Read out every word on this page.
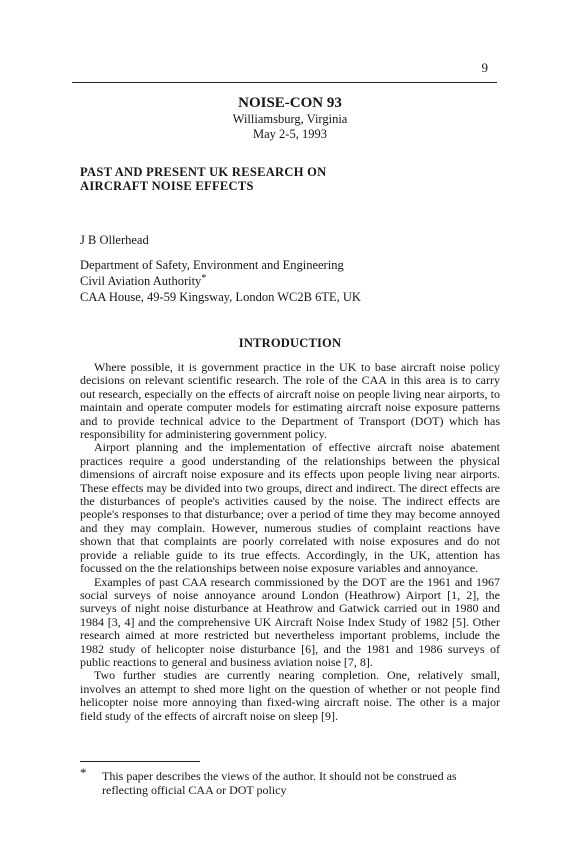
9

NOISE-CON 93

Williamsburg, Virginia

May 2-5, 1993

PAST AND PRESENT UK RESEARCH ON
AIRCRAFT NOISE EFFECTS

J B Ollerhead

Department of Safety, Environment and Engineering
Civil Aviation Authority*
CAA House, 49-59 Kingsway, London WC2B 6TE, UK
INTRODUCTION

Where possible, it is government practice in the UK to base aircraft noise policy decisions on relevant scientific research. The role of the CAA in this area is to carry out research, especially on the effects of aircraft noise on people living near airports, to maintain and operate computer models for estimating aircraft noise exposure patterns and to provide technical advice to the Department of Transport (DOT) which has responsibility for administering government policy.

Airport planning and the implementation of effective aircraft noise abatement practices require a good understanding of the relationships between the physical dimensions of aircraft noise exposure and its effects upon people living near airports. These effects may be divided into two groups, direct and indirect. The direct effects are the disturbances of people's activities caused by the noise. The indirect effects are people's responses to that disturbance; over a period of time they may become annoyed and they may complain. However, numerous studies of complaint reactions have shown that that complaints are poorly correlated with noise exposures and do not provide a reliable guide to its true effects. Accordingly, in the UK, attention has focussed on the the relationships between noise exposure variables and annoyance.

Examples of past CAA research commissioned by the DOT are the 1961 and 1967 social surveys of noise annoyance around London (Heathrow) Airport [1, 2], the surveys of night noise disturbance at Heathrow and Gatwick carried out in 1980 and 1984 [3, 4] and the comprehensive UK Aircraft Noise Index Study of 1982 [5]. Other research aimed at more restricted but nevertheless important problems, include the 1982 study of helicopter noise disturbance [6], and the 1981 and 1986 surveys of public reactions to general and business aviation noise [7, 8].

Two further studies are currently nearing completion. One, relatively small, involves an attempt to shed more light on the question of whether or not people find helicopter noise more annoying than fixed-wing aircraft noise. The other is a major field study of the effects of aircraft noise on sleep [9].

* This paper describes the views of the author. It should not be construed as reflecting official CAA or DOT policy
